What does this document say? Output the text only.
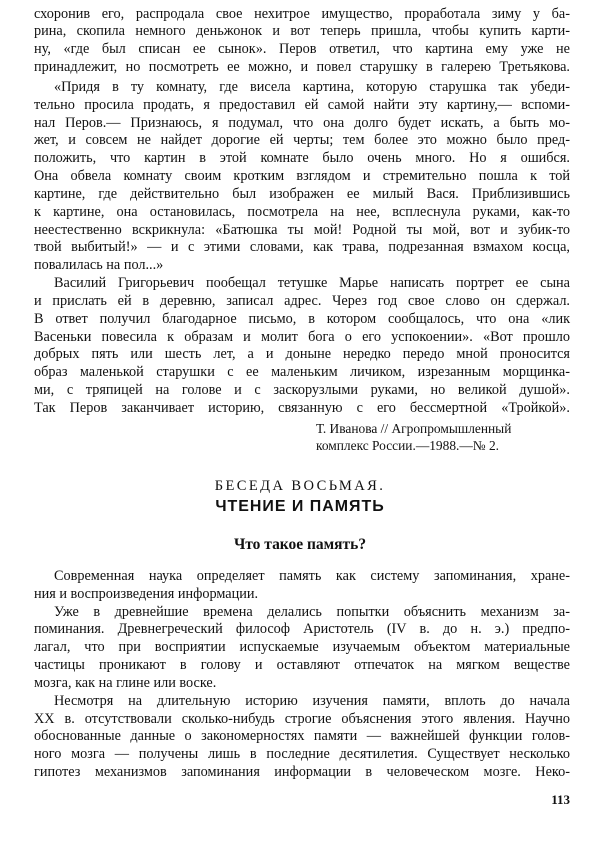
схоронив его, распродала свое нехитрое имущество, проработала зиму у ба-
рина, скопила немного деньжонок и вот теперь пришла, чтобы купить карти-
ну, «где был списан ее сынок». Перов ответил, что картина ему уже не
принадлежит, но посмотреть ее можно, и повел старушку в галерею Третьякова.
«Придя в ту комнату, где висела картина, которую старушка так убеди-
тельно просила продать, я предоставил ей самой найти эту картину,— вспоми-
нал Перов.— Признаюсь, я подумал, что она долго будет искать, а быть мо-
жет, и совсем не найдет дорогие ей черты; тем более это можно было пред-
положить, что картин в этой комнате было очень много. Но я ошибся.
Она обвела комнату своим кротким взглядом и стремительно пошла к той
картине, где действительно был изображен ее милый Вася. Приблизившись
к картине, она остановилась, посмотрела на нее, всплеснула руками, как-то
неестественно вскрикнула: «Батюшка ты мой! Родной ты мой, вот и зубик-то
твой выбитый!» — и с этими словами, как трава, подрезанная взмахом косца,
повалилась на пол...»
Василий Григорьевич пообещал тетушке Марье написать портрет ее сына
и прислать ей в деревню, записал адрес. Через год свое слово он сдержал.
В ответ получил благодарное письмо, в котором сообщалось, что она «лик
Васеньки повесила к образам и молит бога о его успокоении». «Вот прошло
добрых пять или шесть лет, а и доныне нередко передо мной проносится
образ маленькой старушки с ее маленьким личиком, изрезанным морщинка-
ми, с тряпицей на голове и с заскорузлыми руками, но великой душой».
Так Перов заканчивает историю, связанную с его бессмертной «Тройкой».
Т. Иванова // Агропромышленный
комплекс России.—1988.—№ 2.
БЕСЕДА ВОСЬМАЯ.
ЧТЕНИЕ И ПАМЯТЬ
Что такое память?
Современная наука определяет память как систему запоминания, хране-
ния и воспроизведения информации.
Уже в древнейшие времена делались попытки объяснить механизм за-
поминания. Древнегреческий философ Аристотель (IV в. до н. э.) предпо-
лагал, что при восприятии испускаемые изучаемым объектом материальные
частицы проникают в голову и оставляют отпечаток на мягком веществе
мозга, как на глине или воске.
Несмотря на длительную историю изучения памяти, вплоть до начала
XX в. отсутствовали сколько-нибудь строгие объяснения этого явления. Научно
обоснованные данные о закономерностях памяти — важнейшей функции голов-
ного мозга — получены лишь в последние десятилетия. Существует несколько
гипотез механизмов запоминания информации в человеческом мозге. Неко-
113
